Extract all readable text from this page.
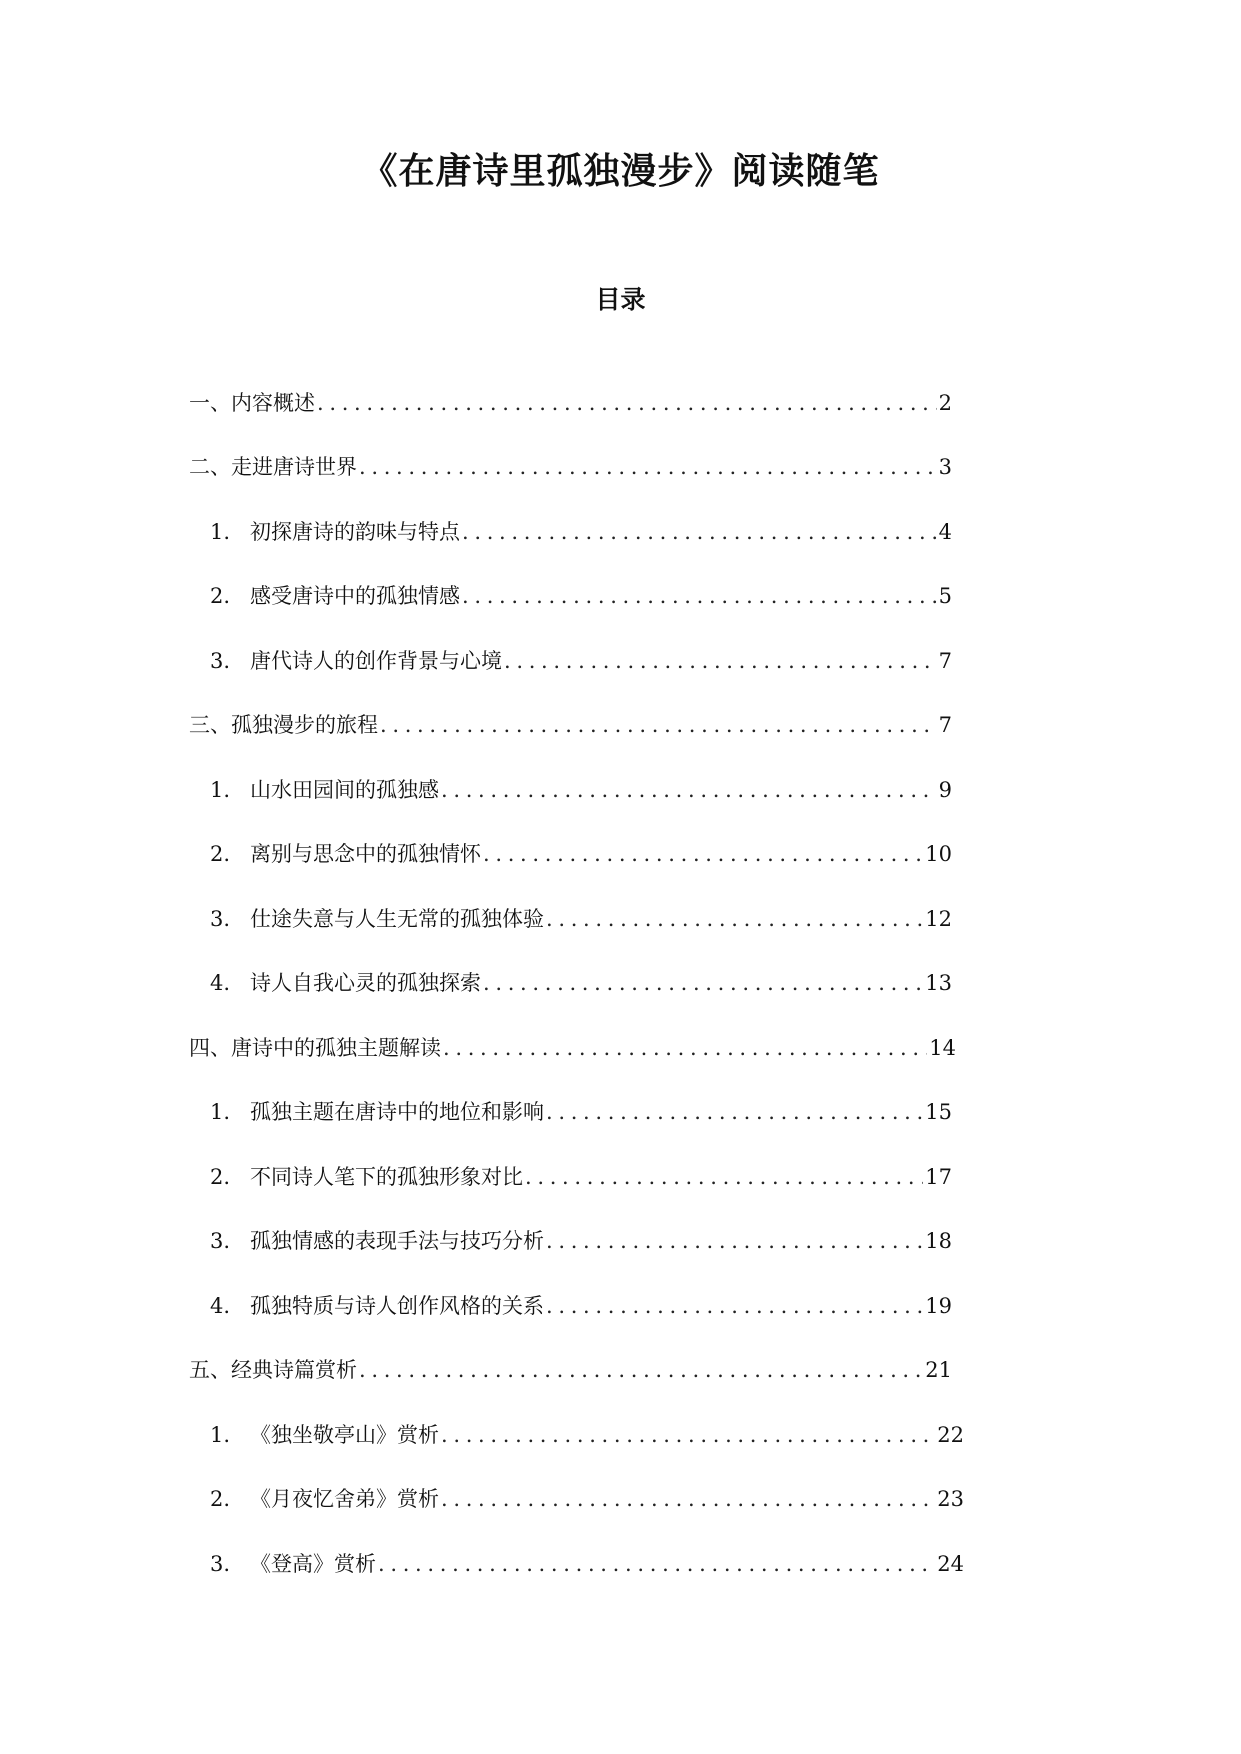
《在唐诗里孤独漫步》阅读随笔
目录
一、内容概述 . . .	2
二、走进唐诗世界 . . .	3
1. 初探唐诗的韵味与特点 . . .	4
2. 感受唐诗中的孤独情感 . . .	5
3. 唐代诗人的创作背景与心境 . . .	7
三、孤独漫步的旅程 . . .	7
1. 山水田园间的孤独感 . . .	9
2. 离别与思念中的孤独情怀 . . .	10
3. 仕途失意与人生无常的孤独体验 . . .	12
4. 诗人自我心灵的孤独探索 . . .	13
四、唐诗中的孤独主题解读 . . .	14
1. 孤独主题在唐诗中的地位和影响 . . .	15
2. 不同诗人笔下的孤独形象对比 . . .	17
3. 孤独情感的表现手法与技巧分析 . . .	18
4. 孤独特质与诗人创作风格的关系 . . .	19
五、经典诗篇赏析 . . .	21
1. 《独坐敬亭山》赏析 . . .	22
2. 《月夜忆舍弟》赏析 . . .	23
3. 《登高》赏析 . . .	24
